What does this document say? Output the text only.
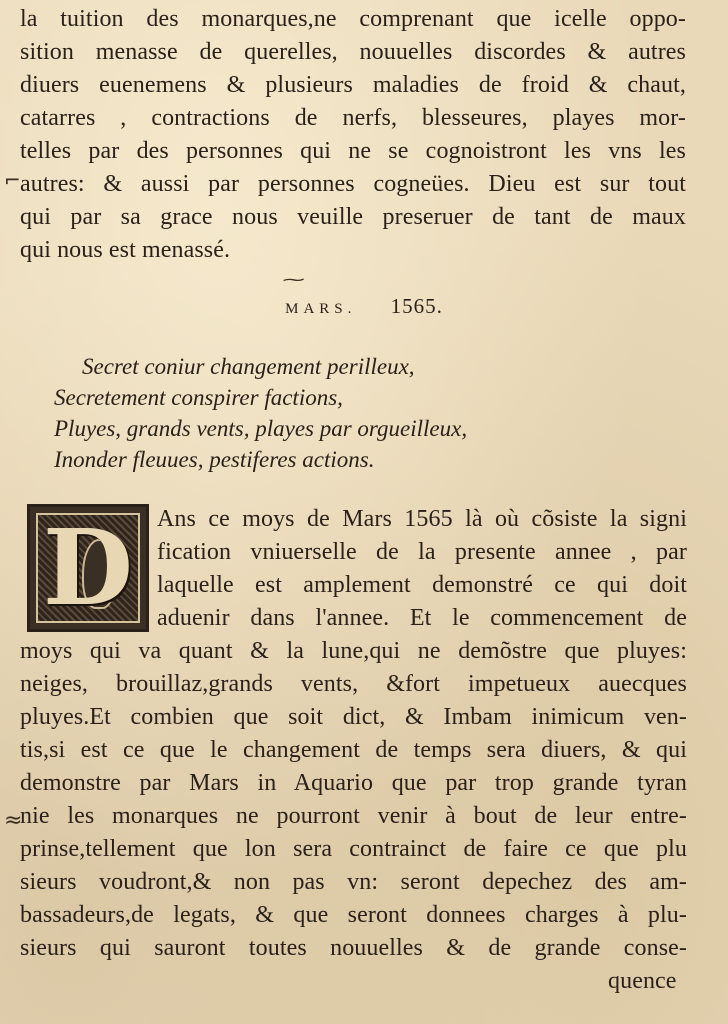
la tuition des monarques,ne comprenant que icelle oppo-
sition menasse de querelles, nouuelles discordes & autres
diuers euenemens & plusieurs maladies de froid & chaut,
catarres , contractions de nerfs, blesseures, playes mor-
telles par des personnes qui ne se cognoistront les vns les
autres: & aussi par personnes cogneües. Dieu est sur tout
qui par sa grace nous veuille preseruer de tant de maux
qui nous est menassé.
~
MARS. 1565.
Secret coniur changement perilleux,
Secretement conspirer factions,
Pluyes, grands vents, playes par orgueilleux,
Inonder fleuues, pestiferes actions.
D Ans ce moys de Mars 1565 là où cõsiste la signi
fication vniuerselle de la presente annee , par
laquelle est amplement demonstré ce qui doit
aduenir dans l'annee. Et le commencement de
moys qui va quant & la lune,qui ne demõstre que pluyes:
neiges, brouillaz,grands vents, &fort impetueux auecques
pluyes.Et combien que soit dict, & Imbam inimicum ven-
tis,si est ce que le changement de temps sera diuers, & qui
demonstre par Mars in Aquario que par trop grande tyran
nie les monarques ne pourront venir à bout de leur entre-
prinse,tellement que lon sera contrainct de faire ce que plu
sieurs voudront,& non pas vn: seront depechez des am-
bassadeurs,de legats, & que seront donnees charges à plu-
sieurs qui sauront toutes nouuelles & de grande conse-
quence
⌐
≈
